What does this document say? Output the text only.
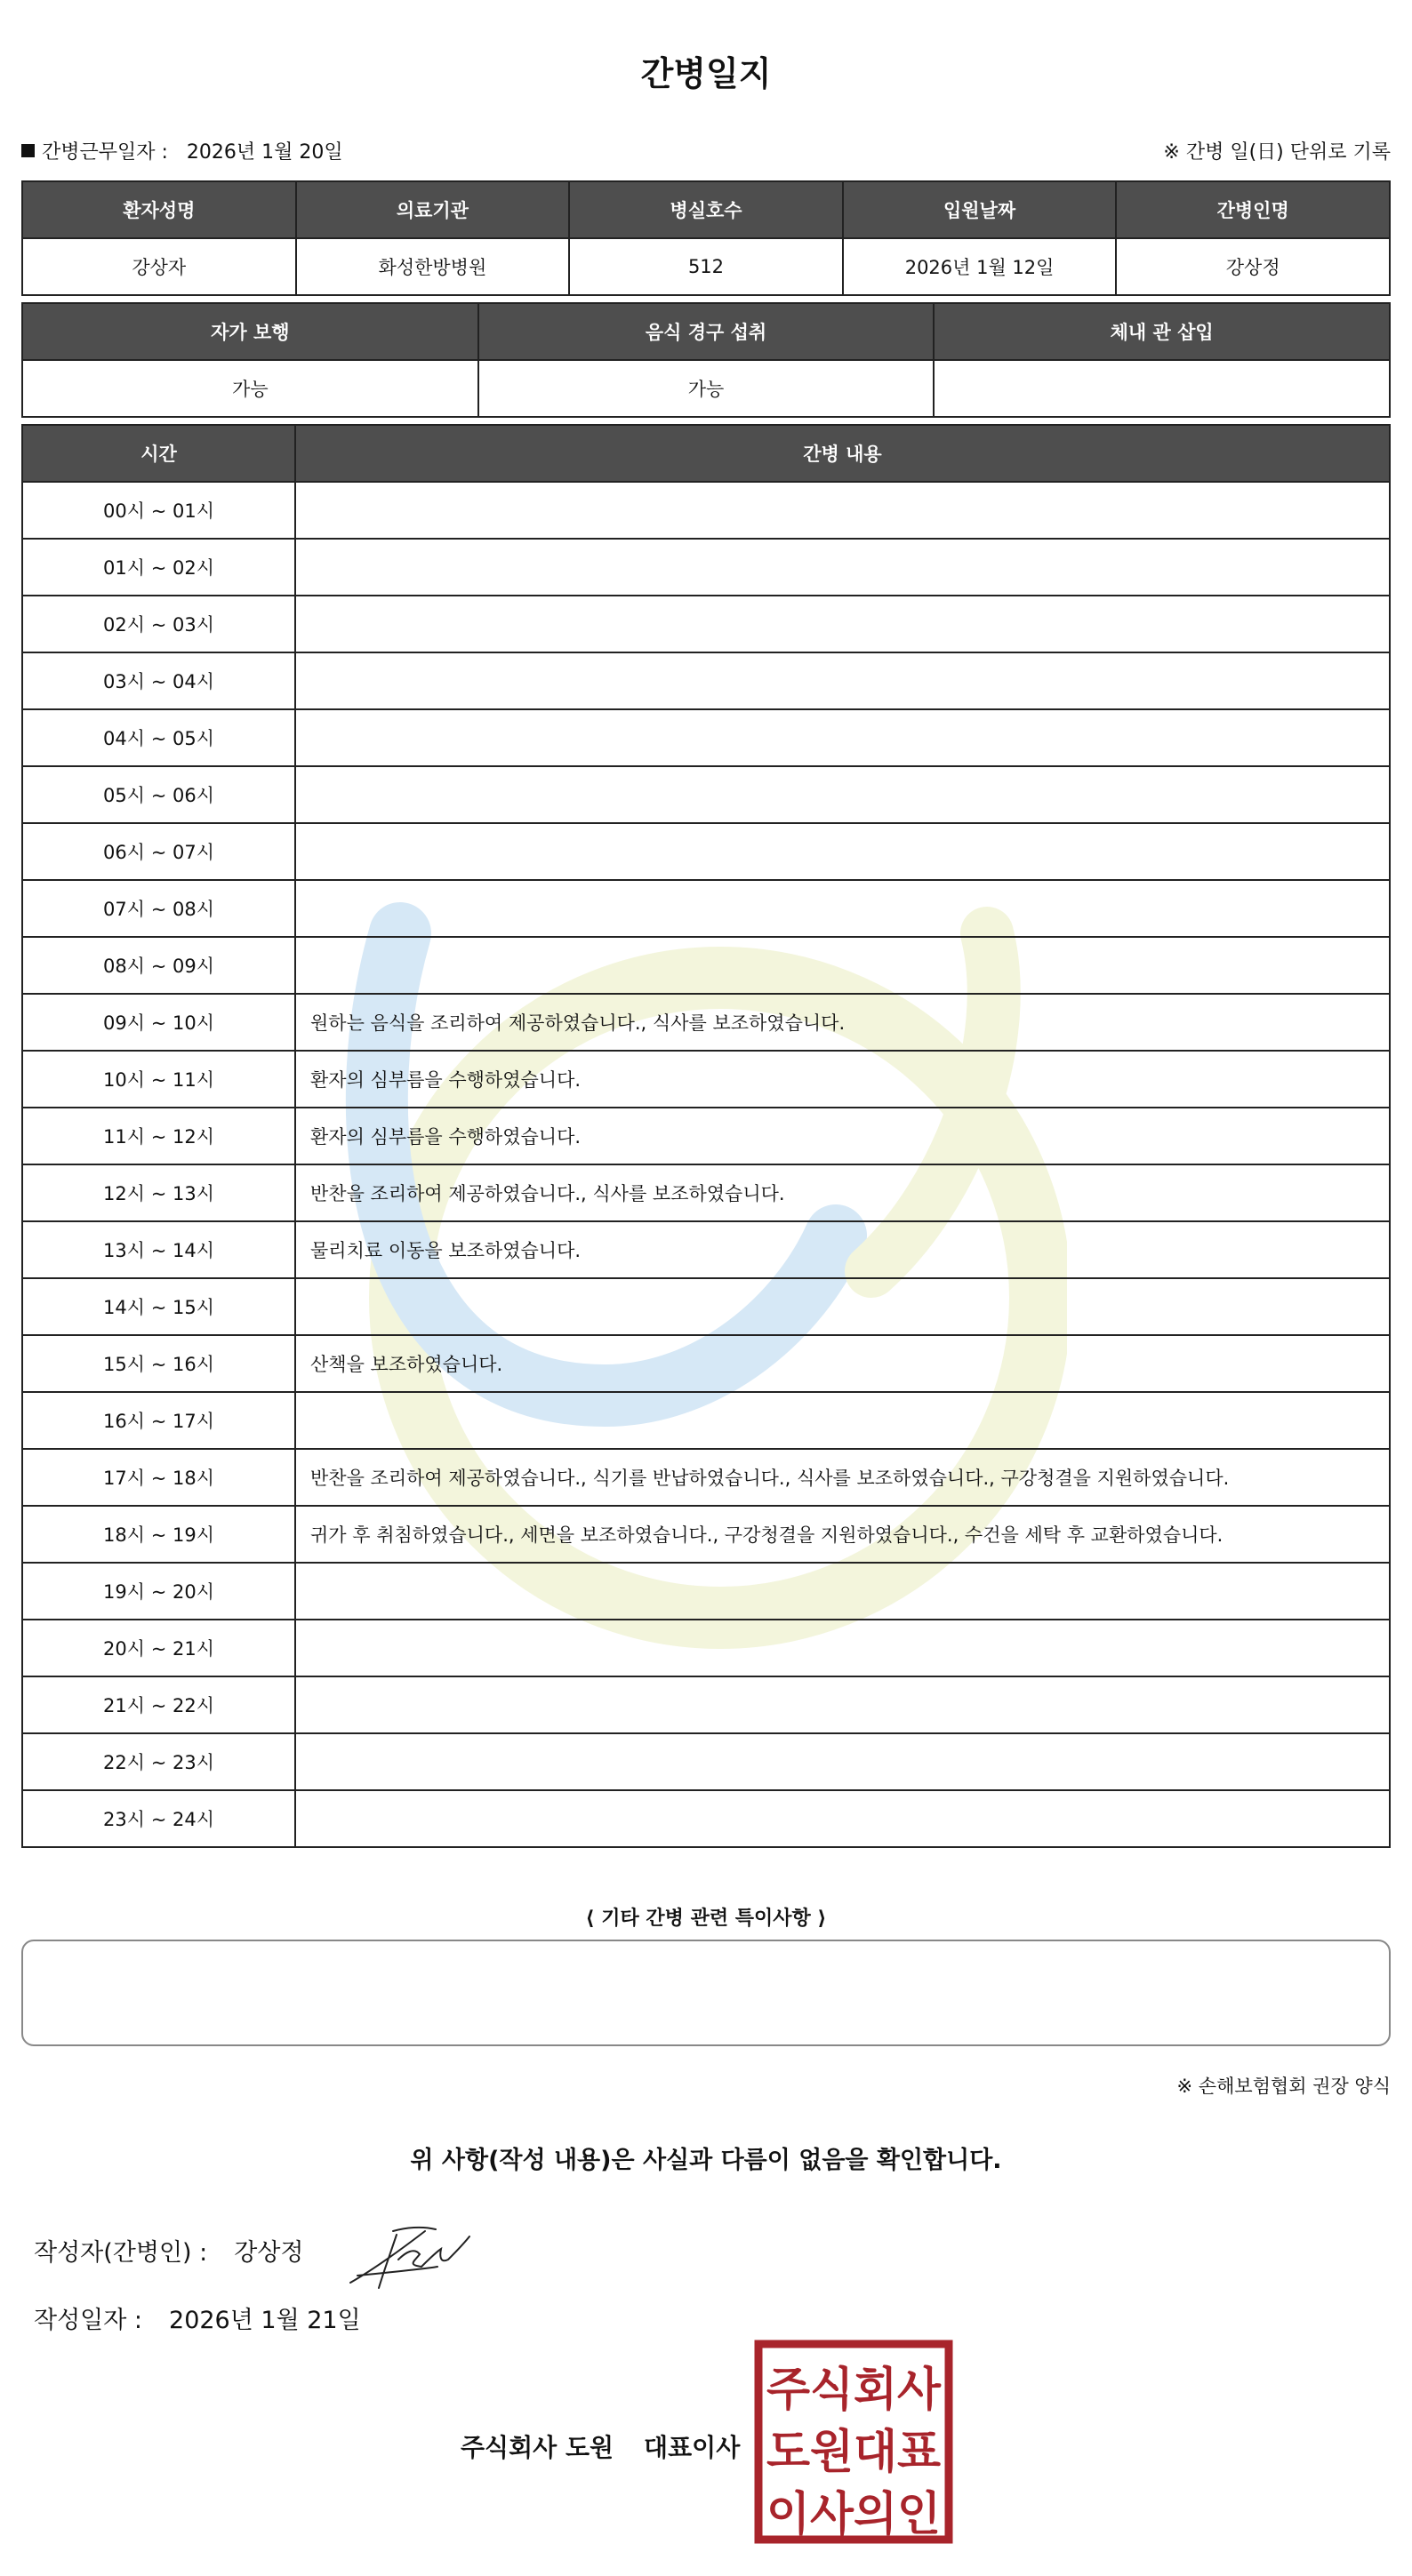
간병일지
간병근무일자 : 2026년 1월 20일	※ 간병 일(日) 단위로 기록
환자성명	의료기관	병실호수	입원날짜	간병인명
강상자	화성한방병원	512	2026년 1월 12일	강상정
자가 보행	음식 경구 섭취	체내 관 삽입
가능	가능	
시간	간병 내용
00시 ~ 01시	
01시 ~ 02시	
02시 ~ 03시	
03시 ~ 04시	
04시 ~ 05시	
05시 ~ 06시	
06시 ~ 07시	
07시 ~ 08시	
08시 ~ 09시	
09시 ~ 10시	원하는 음식을 조리하여 제공하였습니다., 식사를 보조하였습니다.
10시 ~ 11시	환자의 심부름을 수행하였습니다.
11시 ~ 12시	환자의 심부름을 수행하였습니다.
12시 ~ 13시	반찬을 조리하여 제공하였습니다., 식사를 보조하였습니다.
13시 ~ 14시	물리치료 이동을 보조하였습니다.
14시 ~ 15시	
15시 ~ 16시	산책을 보조하였습니다.
16시 ~ 17시	
17시 ~ 18시	반찬을 조리하여 제공하였습니다., 식기를 반납하였습니다., 식사를 보조하였습니다., 구강청결을 지원하였습니다.
18시 ~ 19시	귀가 후 취침하였습니다., 세면을 보조하였습니다., 구강청결을 지원하였습니다., 수건을 세탁 후 교환하였습니다.
19시 ~ 20시	
20시 ~ 21시	
21시 ~ 22시	
22시 ~ 23시	
23시 ~ 24시	
⟨ 기타 간병 관련 특이사항 ⟩
※ 손해보험협회 권장 양식
위 사항(작성 내용)은 사실과 다름이 없음을 확인합니다.
작성자(간병인) : 강상정
작성일자 : 2026년 1월 21일
주식회사 도원 대표이사
주식회사
도원대표
이사의인
